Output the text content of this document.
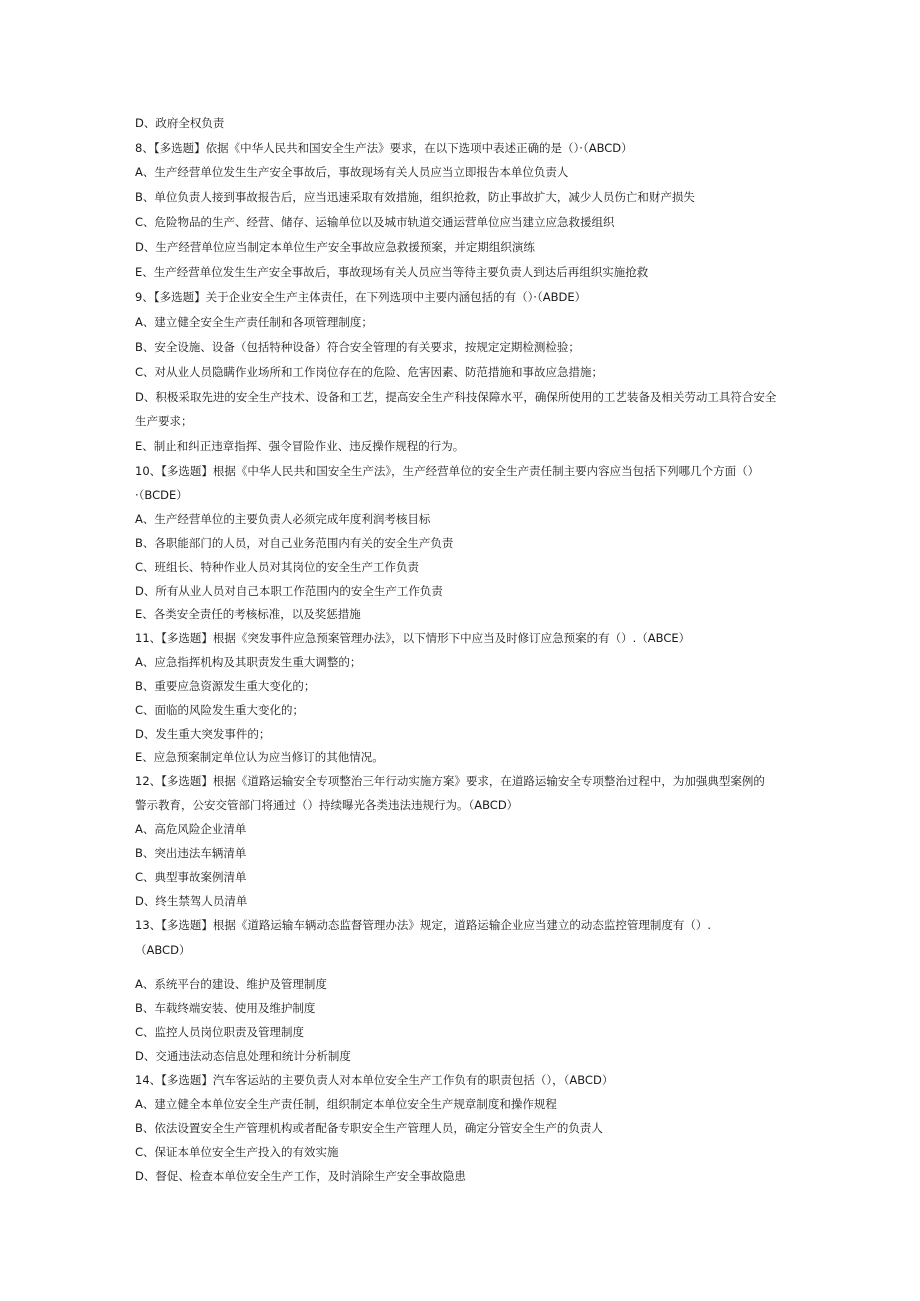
D、政府全权负责
8、【多选题】依据《中华人民共和国安全生产法》要求，在以下选项中表述正确的是（）·（ABCD）
A、生产经营单位发生生产安全事故后，事故现场有关人员应当立即报告本单位负责人
B、单位负责人接到事故报告后，应当迅速采取有效措施，组织抢救，防止事故扩大，减少人员伤亡和财产损失
C、危险物品的生产、经营、储存、运输单位以及城市轨道交通运营单位应当建立应急救援组织
D、生产经营单位应当制定本单位生产安全事故应急救援预案，并定期组织演练
E、生产经营单位发生生产安全事故后，事故现场有关人员应当等待主要负责人到达后再组织实施抢救
9、【多选题】关于企业安全生产主体责任，在下列选项中主要内涵包括的有（）·（ABDE）
A、建立健全安全生产责任制和各项管理制度；
B、安全设施、设备（包括特种设备）符合安全管理的有关要求，按规定定期检测检验；
C、对从业人员隐瞒作业场所和工作岗位存在的危险、危害因素、防范措施和事故应急措施；
D、积极采取先进的安全生产技术、设备和工艺，提高安全生产科技保障水平，确保所使用的工艺装备及相关劳动工具符合安全
生产要求；
E、制止和纠正违章指挥、强令冒险作业、违反操作规程的行为。
10、【多选题】根据《中华人民共和国安全生产法》，生产经营单位的安全生产责任制主要内容应当包括下列哪几个方面（）
·（BCDE）
A、生产经营单位的主要负责人必须完成年度利润考核目标
B、各职能部门的人员，对自己业务范围内有关的安全生产负责
C、班组长、特种作业人员对其岗位的安全生产工作负责
D、所有从业人员对自己本职工作范围内的安全生产工作负责
E、各类安全责任的考核标准，以及奖惩措施
11、【多选题】根据《突发事件应急预案管理办法》，以下情形下中应当及时修订应急预案的有（）.（ABCE）
A、应急指挥机构及其职责发生重大调整的；
B、重要应急资源发生重大变化的；
C、面临的风险发生重大变化的；
D、发生重大突发事件的；
E、应急预案制定单位认为应当修订的其他情况。
12、【多选题】根据《道路运输安全专项整治三年行动实施方案》要求，在道路运输安全专项整治过程中，为加强典型案例的
警示教育，公安交管部门将通过（）持续曝光各类违法违规行为。（ABCD）
A、高危风险企业清单
B、突出违法车辆清单
C、典型事故案例清单
D、终生禁驾人员清单
13、【多选题】根据《道路运输车辆动态监督管理办法》规定，道路运输企业应当建立的动态监控管理制度有（）.
（ABCD）
A、系统平台的建设、维护及管理制度
B、车载终端安装、使用及维护制度
C、监控人员岗位职责及管理制度
D、交通违法动态信息处理和统计分析制度
14、【多选题】汽车客运站的主要负责人对本单位安全生产工作负有的职责包括（），（ABCD）
A、建立健全本单位安全生产责任制，组织制定本单位安全生产规章制度和操作规程
B、依法设置安全生产管理机构或者配备专职安全生产管理人员，确定分管安全生产的负责人
C、保证本单位安全生产投入的有效实施
D、督促、检查本单位安全生产工作，及时消除生产安全事故隐患
